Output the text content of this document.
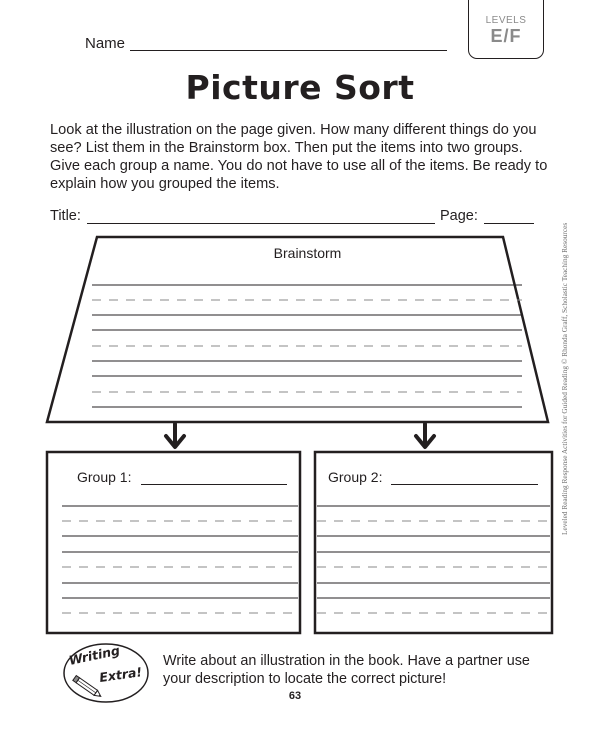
Name
LEVELS
E/F
Picture Sort
Look at the illustration on the page given. How many different things do you see? List them in the Brainstorm box. Then put the items into two groups. Give each group a name. You do not have to use all of the items. Be ready to explain how you grouped the items.
Title:	Page:
Leveled Reading Response Activities for Guided Reading © Rhonda Graff, Scholastic Teaching Resources
Brainstorm
Group 1:	Group 2:
Writing
Extra!
Write about an illustration in the book. Have a partner use your description to locate the correct picture!
63
